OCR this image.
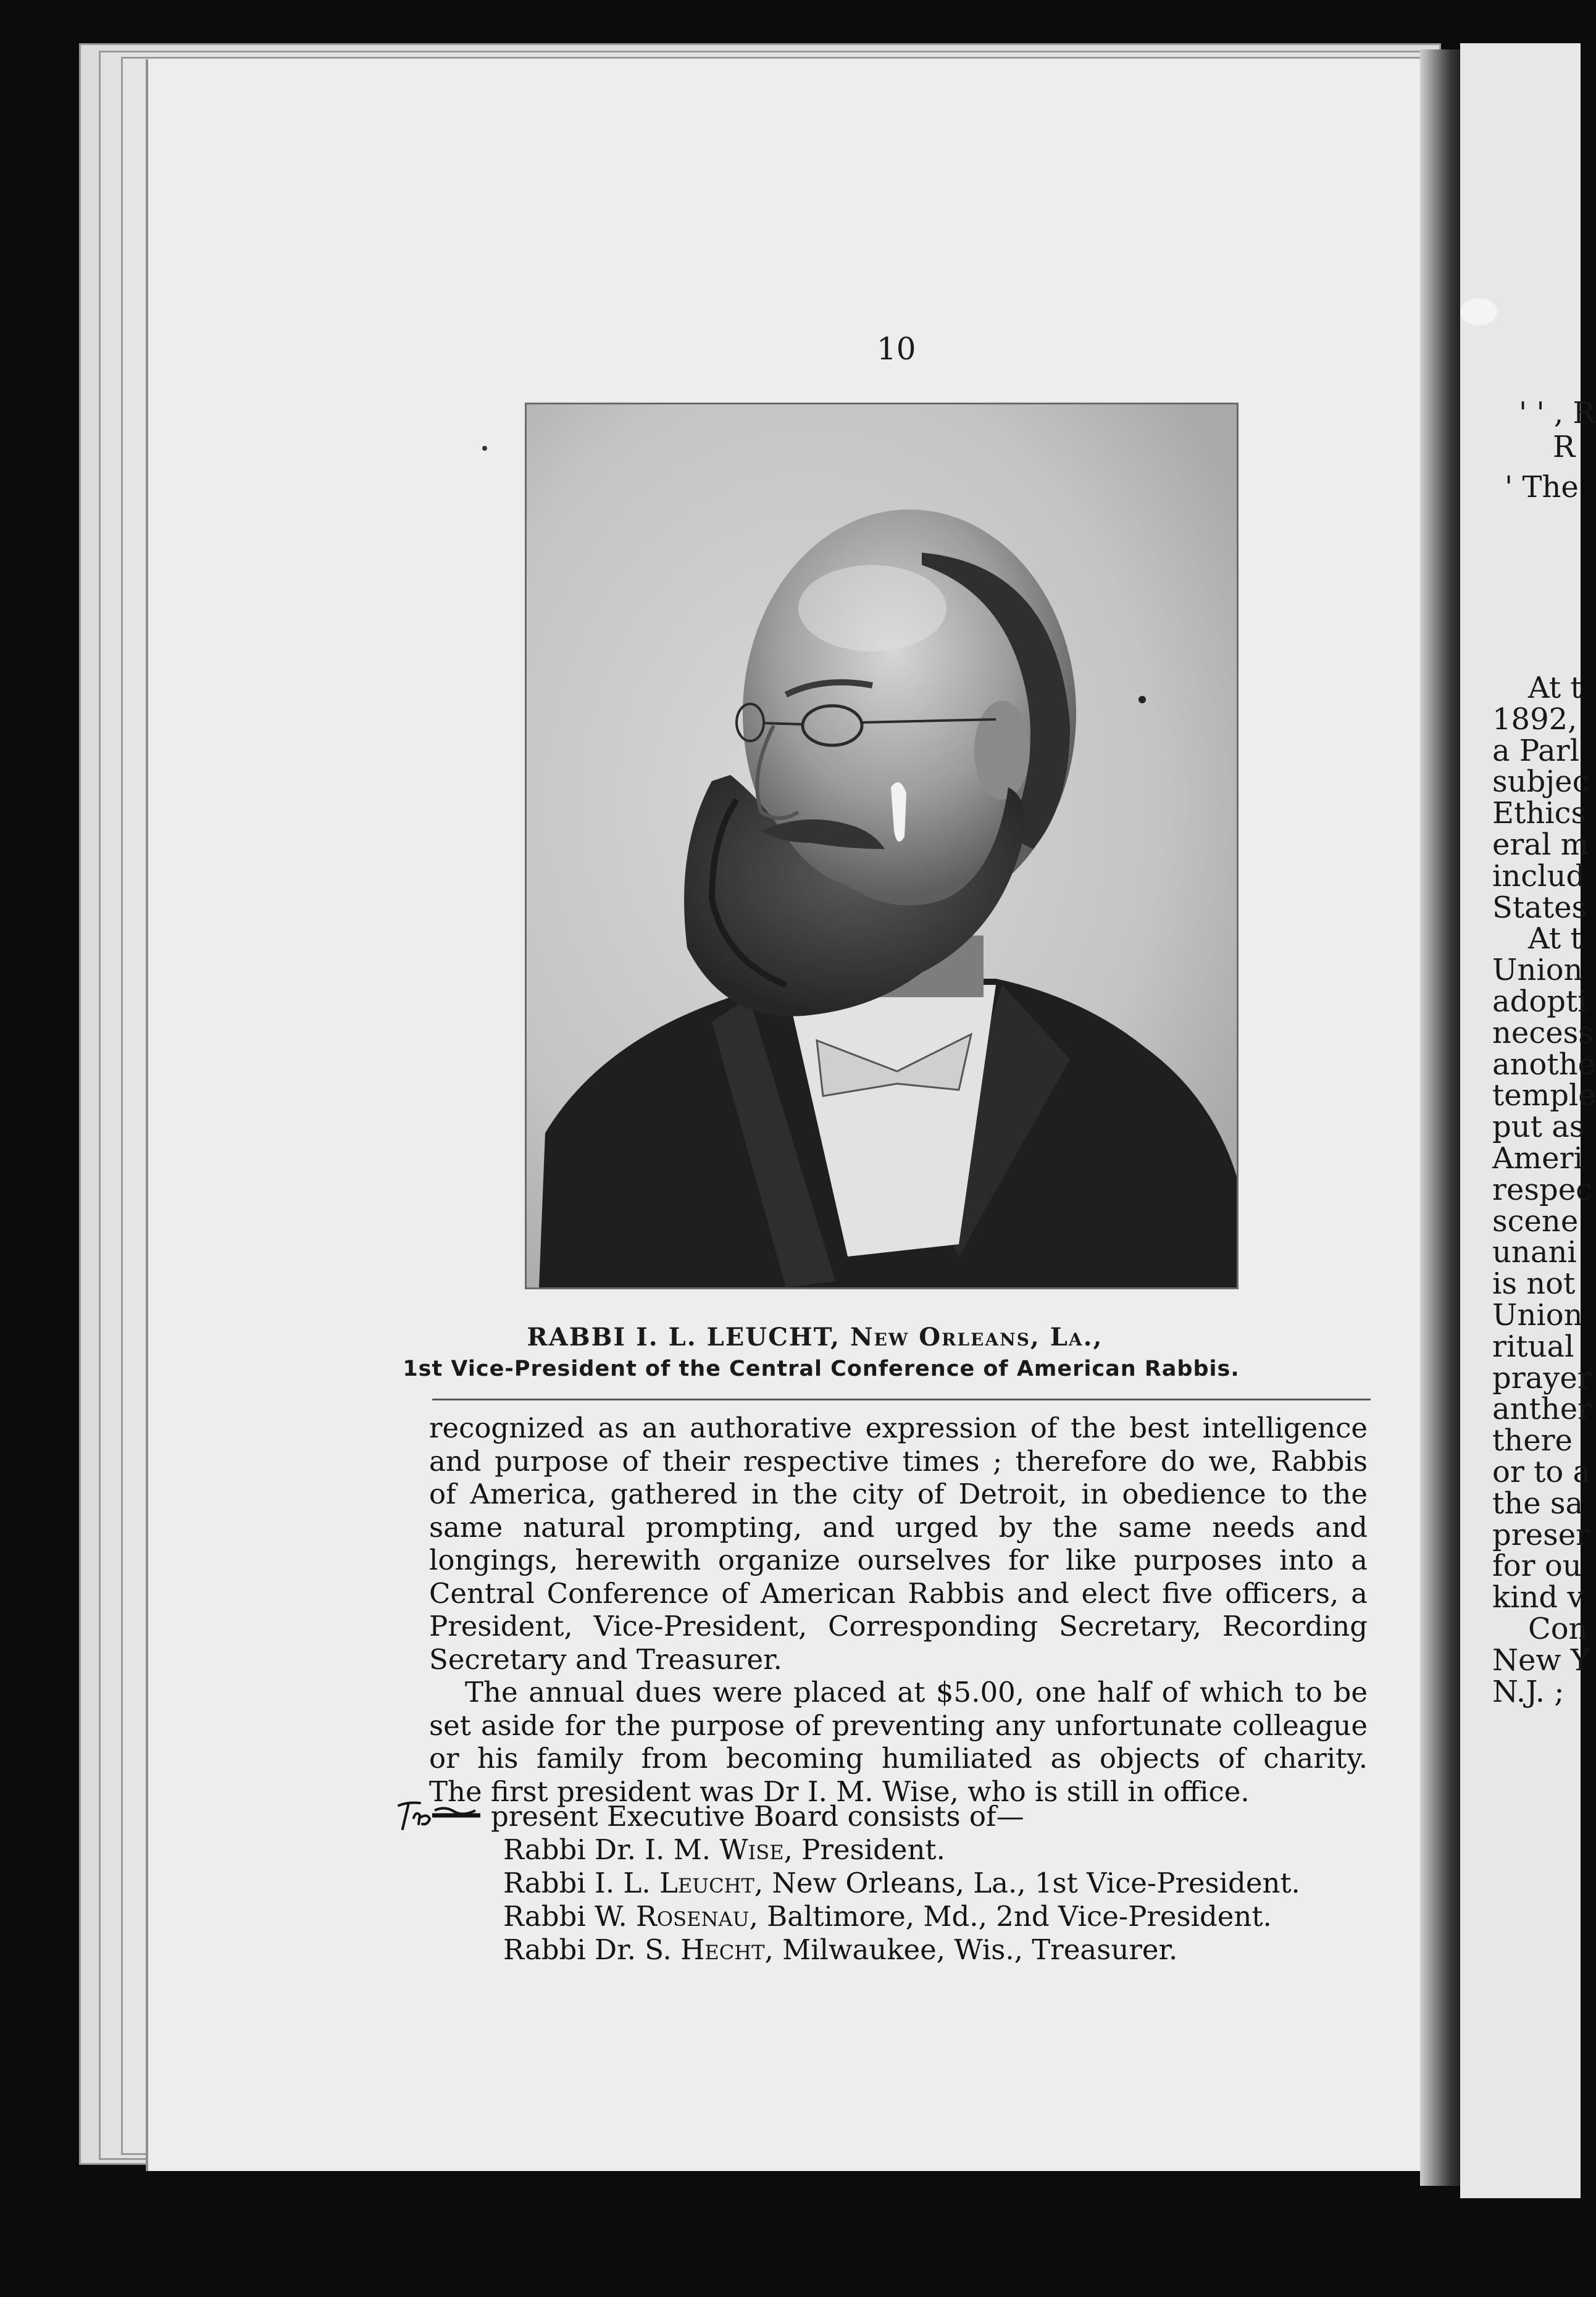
' ' , R
R
' The
At t
1892,
a Parl
subjec
Ethics
eral m
includ
States
At t
Union
adopti
necess
anothe
temple
put as
Ameri
respec
scene
unani
is not
Union
ritual
prayer
anther
there
or to a
the sa
preser
for ou
kind v
Con
New Y
N.J. ;
10
RABBI I. L. LEUCHT, New Orleans, La.,
1st Vice-President of the Central Conference of American Rabbis.
recognized as an authorative expression of the best intelligence
and purpose of their respective times ; therefore do we, Rabbis
of America, gathered in the city of Detroit, in obedience to the
same natural prompting, and urged by the same needs and
longings, herewith organize ourselves for like purposes into a
Central Conference of American Rabbis and elect five officers, a
President, Vice-President, Corresponding Secretary, Recording
Secretary and Treasurer.
The annual dues were placed at $5.00, one half of which to be
set aside for the purpose of preventing any unfortunate colleague
or his family from becoming humiliated as objects of charity.
The first president was Dr I. M. Wise, who is still in office.
present Executive Board consists of—
Rabbi Dr. I. M. Wise, President.
Rabbi I. L. Leucht, New Orleans, La., 1st Vice-President.
Rabbi W. Rosenau, Baltimore, Md., 2nd Vice-President.
Rabbi Dr. S. Hecht, Milwaukee, Wis., Treasurer.
